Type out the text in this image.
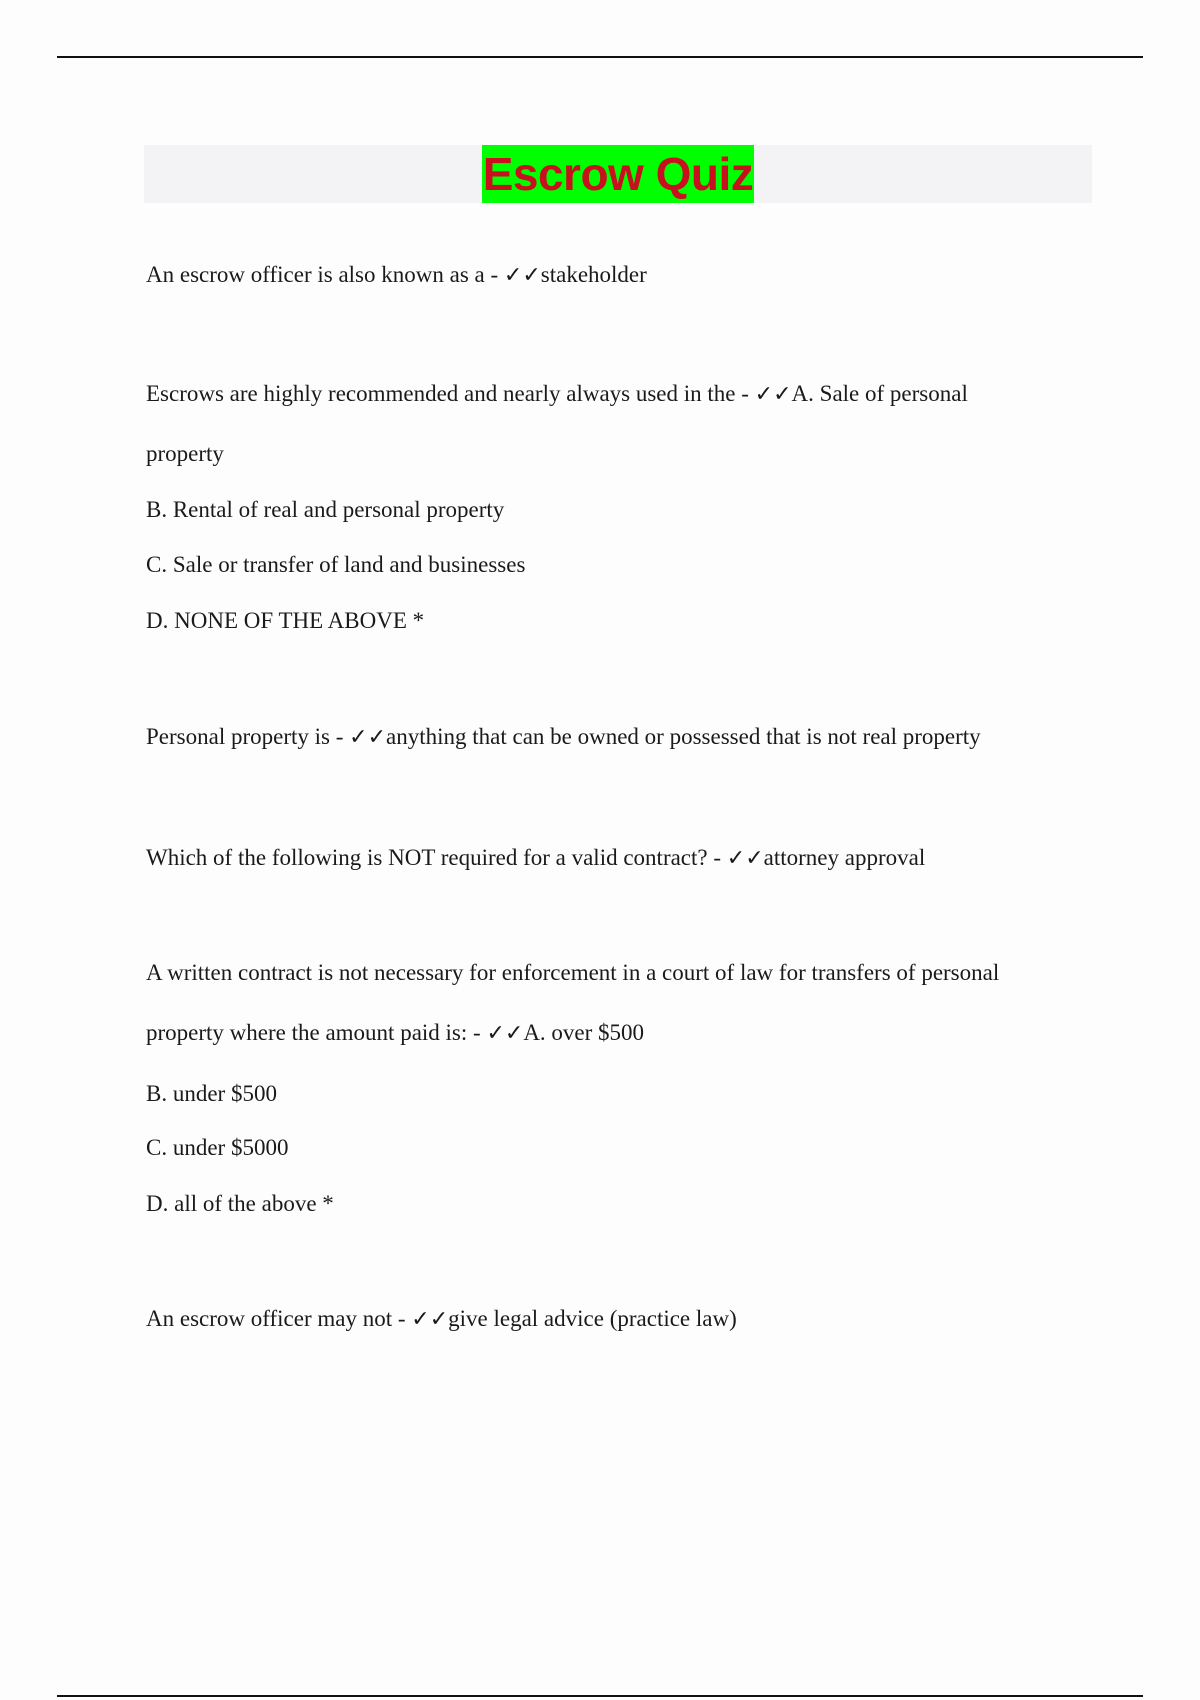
Escrow Quiz
An escrow officer is also known as a - ✓✓stakeholder
Escrows are highly recommended and nearly always used in the - ✓✓A. Sale of personal
property
B. Rental of real and personal property
C. Sale or transfer of land and businesses
D. NONE OF THE ABOVE *
Personal property is - ✓✓anything that can be owned or possessed that is not real property
Which of the following is NOT required for a valid contract? - ✓✓attorney approval
A written contract is not necessary for enforcement in a court of law for transfers of personal
property where the amount paid is: - ✓✓A. over $500
B. under $500
C. under $5000
D. all of the above *
An escrow officer may not - ✓✓give legal advice (practice law)
